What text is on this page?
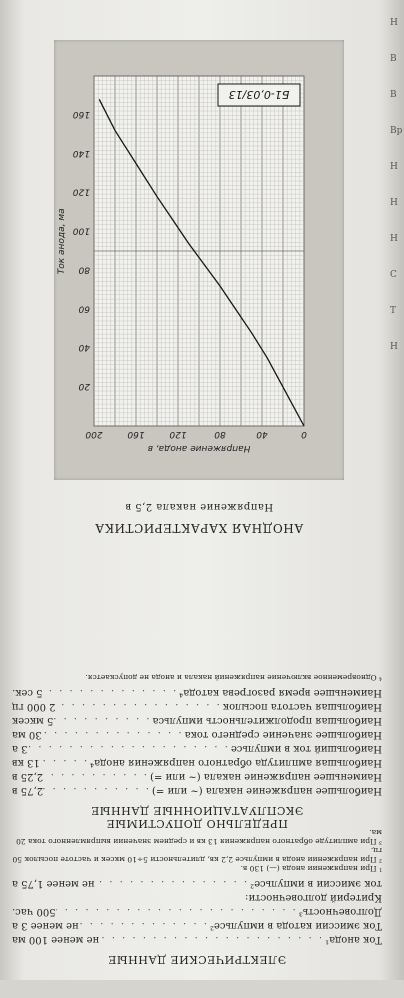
ЭЛЕКТРИЧЕСКИЕ ДАННЫЕ
Ток анода¹
. . .
не менее 100 ма
Ток эмиссии катода в импульсе²
. . .
не менее 3 а
Долговечность³
. . .
500 час.
Критерий долговечности:
ток эмиссии в импульсе²
. . .
не менее 1,75 а
¹ При напряжении анода (—) 130 в.
² При напряжении анода в импульсе 2,2 кв, длительности 5÷10 мксек и частоте посылок 50 гц.
³ При амплитуде обратного напряжения 13 кв и среднем значении выпрямленного тока 20 ма.
ПРЕДЕЛЬНО ДОПУСТИМЫЕ ЭКСПЛУАТАЦИОННЫЕ ДАННЫЕ
Наибольшее напряжение накала (~ или =)
. . .
2,75 в
Наименьшее напряжение накала (~ или =)
. . .
2,25 в
Наибольшая амплитуда обратного напряжения анода⁴
. . .
13 кв
Наибольший ток в импульсе
. . .
3 а
Наибольшее значение среднего тока
. . .
30 ма
Наибольшая продолжительность импульса
. . .
5 мксек
Наибольшая частота посылок
. . .
2 000 гц
Наименьшее время разогрева катода⁴
. . .
5 сек.
⁴ Одновременное включение напряжений накала и анода не допускается.
АНОДНАЯ ХАРАКТЕРИСТИКА
Напряжение накала 2,5 в
0
40
80
120
160
200
20
40
60
80
100
120
140
160
Напряжение анода, в
Ток анода, ма
Б1-0,03/13
Н
В
В
Вр
Н
Н
Н
С
Т
Н
